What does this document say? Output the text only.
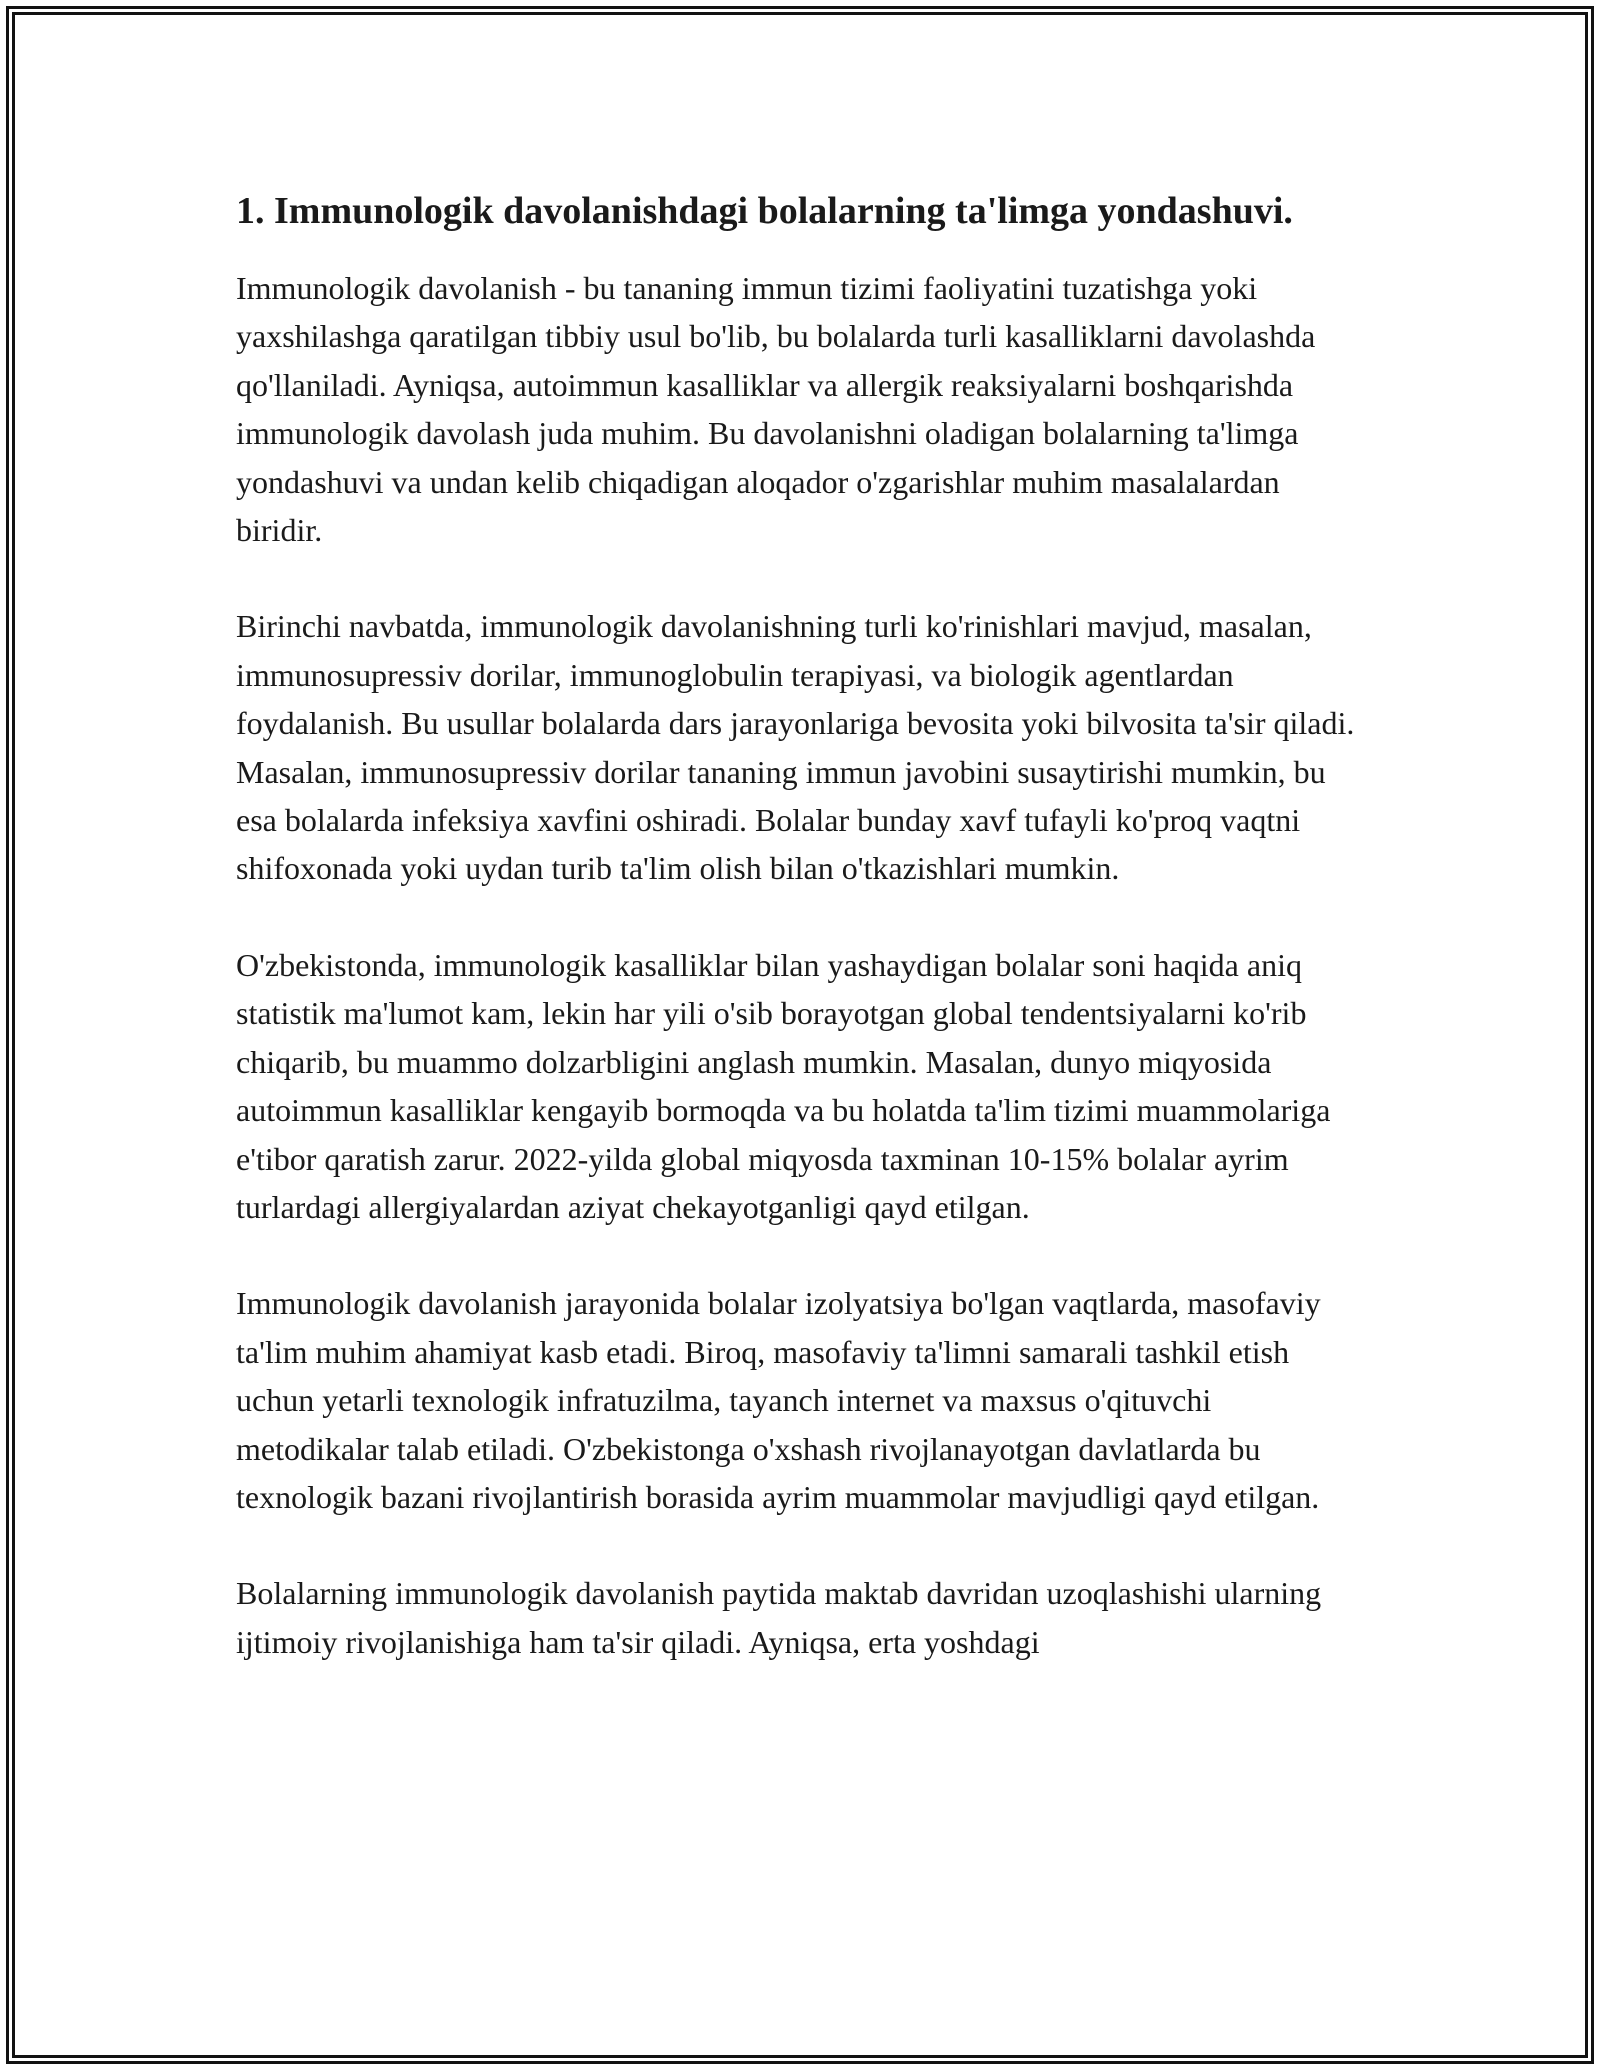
1. Immunologik davolanishdagi bolalarning ta'limga yondashuvi.

Immunologik davolanish - bu tananing immun tizimi faoliyatini tuzatishga yoki yaxshilashga qaratilgan tibbiy usul bo'lib, bu bolalarda turli kasalliklarni davolashda qo'llaniladi. Ayniqsa, autoimmun kasalliklar va allergik reaksiyalarni boshqarishda immunologik davolash juda muhim. Bu davolanishni oladigan bolalarning ta'limga yondashuvi va undan kelib chiqadigan aloqador o'zgarishlar muhim masalalardan biridir.

Birinchi navbatda, immunologik davolanishning turli ko'rinishlari mavjud, masalan, immunosupressiv dorilar, immunoglobulin terapiyasi, va biologik agentlardan foydalanish. Bu usullar bolalarda dars jarayonlariga bevosita yoki bilvosita ta'sir qiladi. Masalan, immunosupressiv dorilar tananing immun javobini susaytirishi mumkin, bu esa bolalarda infeksiya xavfini oshiradi. Bolalar bunday xavf tufayli ko'proq vaqtni shifoxonada yoki uydan turib ta'lim olish bilan o'tkazishlari mumkin.

O'zbekistonda, immunologik kasalliklar bilan yashaydigan bolalar soni haqida aniq statistik ma'lumot kam, lekin har yili o'sib borayotgan global tendentsiyalarni ko'rib chiqarib, bu muammo dolzarbligini anglash mumkin. Masalan, dunyo miqyosida autoimmun kasalliklar kengayib bormoqda va bu holatda ta'lim tizimi muammolariga e'tibor qaratish zarur. 2022-yilda global miqyosda taxminan 10-15% bolalar ayrim turlardagi allergiyalardan aziyat chekayotganligi qayd etilgan.

Immunologik davolanish jarayonida bolalar izolyatsiya bo'lgan vaqtlarda, masofaviy ta'lim muhim ahamiyat kasb etadi. Biroq, masofaviy ta'limni samarali tashkil etish uchun yetarli texnologik infratuzilma, tayanch internet va maxsus o'qituvchi metodikalar talab etiladi. O'zbekistonga o'xshash rivojlanayotgan davlatlarda bu texnologik bazani rivojlantirish borasida ayrim muammolar mavjudligi qayd etilgan.

Bolalarning immunologik davolanish paytida maktab davridan uzoqlashishi ularning ijtimoiy rivojlanishiga ham ta'sir qiladi. Ayniqsa, erta yoshdagi
